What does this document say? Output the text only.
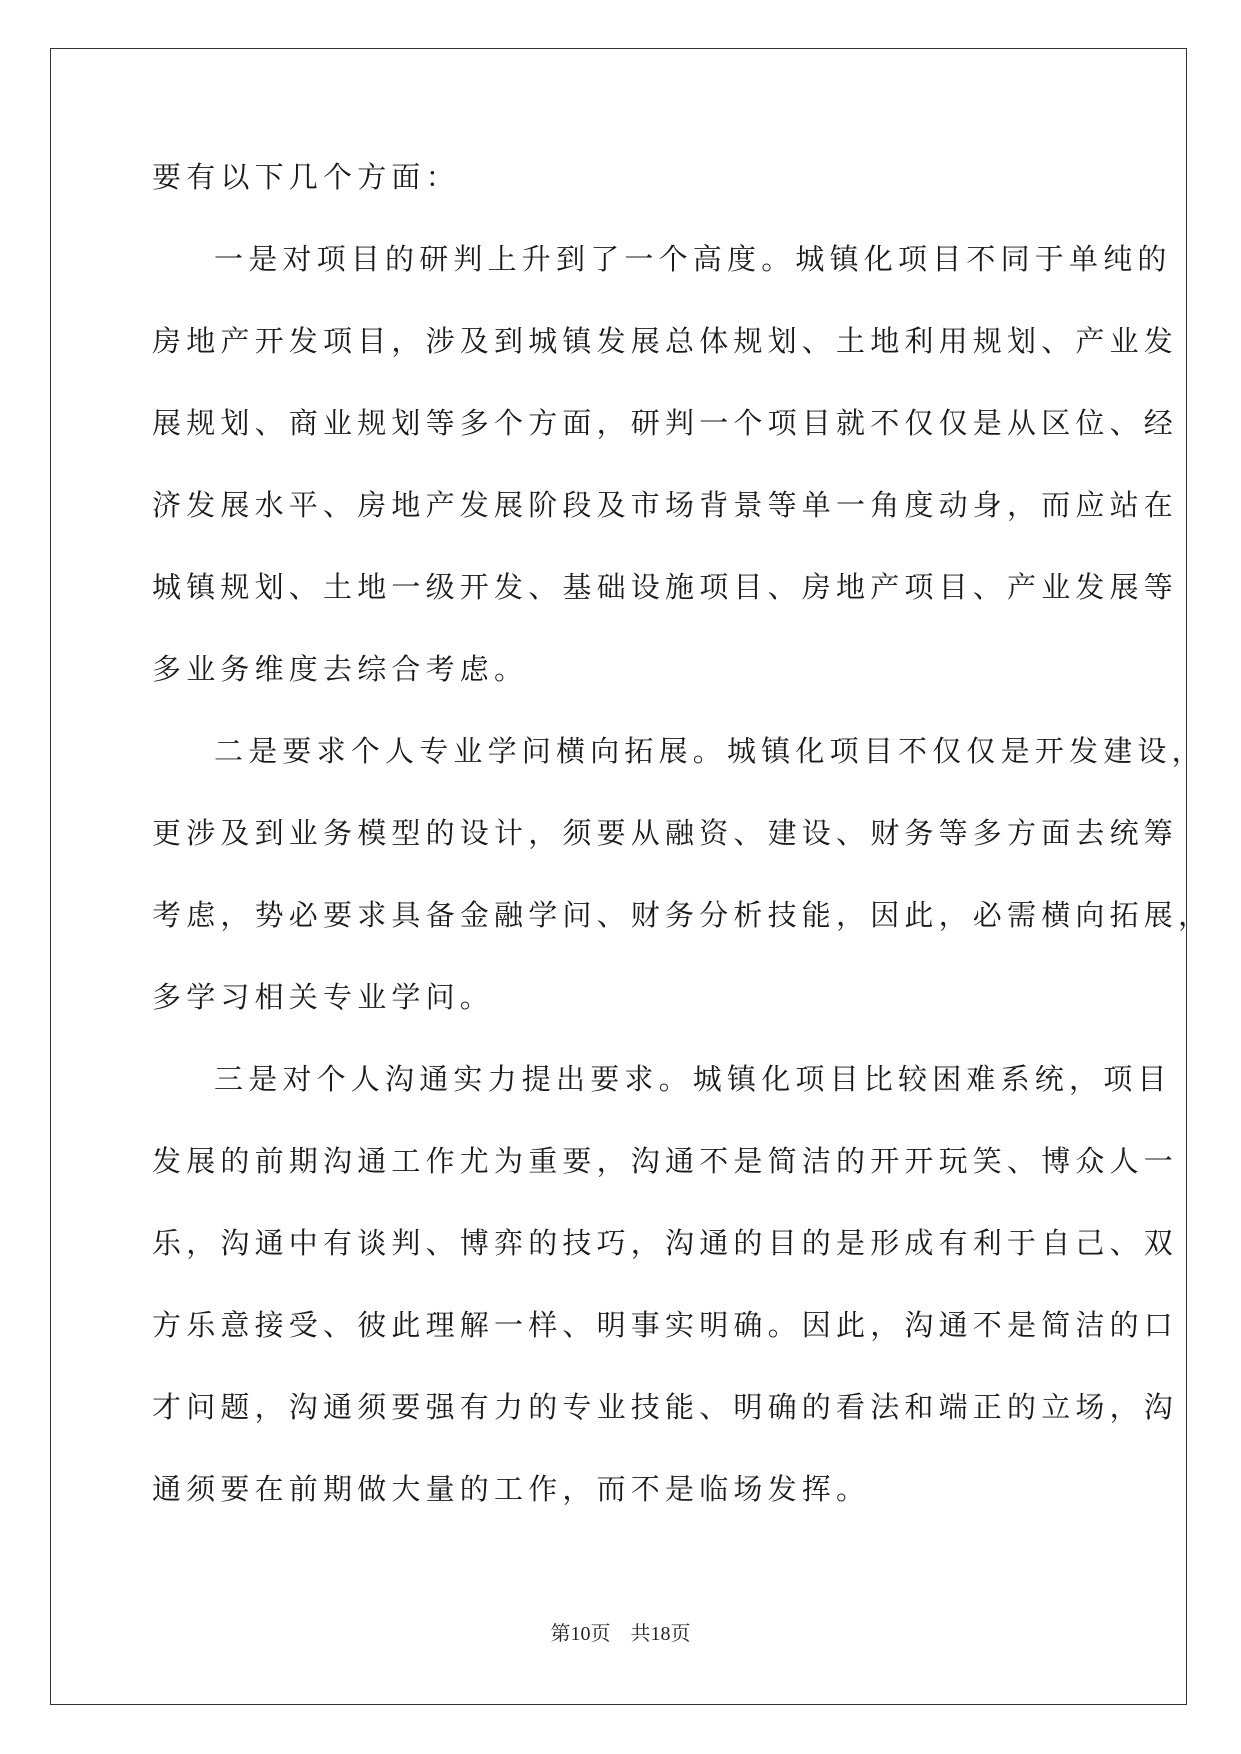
要有以下几个方面：
一是对项目的研判上升到了一个高度。城镇化项目不同于单纯的
房地产开发项目，涉及到城镇发展总体规划、土地利用规划、产业发
展规划、商业规划等多个方面，研判一个项目就不仅仅是从区位、经
济发展水平、房地产发展阶段及市场背景等单一角度动身，而应站在
城镇规划、土地一级开发、基础设施项目、房地产项目、产业发展等
多业务维度去综合考虑。
二是要求个人专业学问横向拓展。城镇化项目不仅仅是开发建设，
更涉及到业务模型的设计，须要从融资、建设、财务等多方面去统筹
考虑，势必要求具备金融学问、财务分析技能，因此，必需横向拓展，
多学习相关专业学问。
三是对个人沟通实力提出要求。城镇化项目比较困难系统，项目
发展的前期沟通工作尤为重要，沟通不是简洁的开开玩笑、博众人一
乐，沟通中有谈判、博弈的技巧，沟通的目的是形成有利于自己、双
方乐意接受、彼此理解一样、明事实明确。因此，沟通不是简洁的口
才问题，沟通须要强有力的专业技能、明确的看法和端正的立场，沟
通须要在前期做大量的工作，而不是临场发挥。
第10页 共18页
